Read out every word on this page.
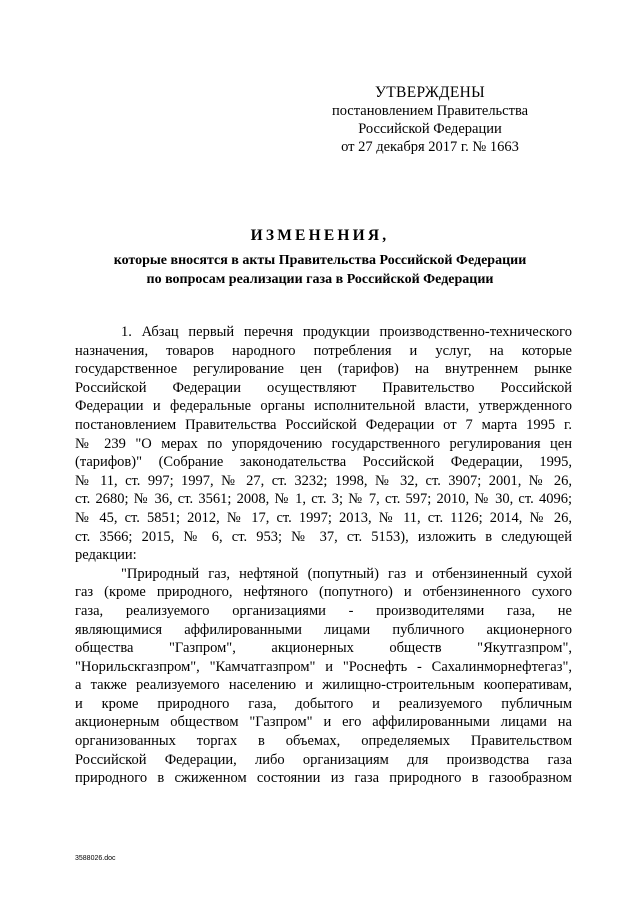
УТВЕРЖДЕНЫ
постановлением Правительства
Российской Федерации
от 27 декабря 2017 г. № 1663
ИЗМЕНЕНИЯ,
которые вносятся в акты Правительства Российской Федерации
по вопросам реализации газа в Российской Федерации
1. Абзац первый перечня продукции производственно-технического
назначения, товаров народного потребления и услуг, на которые
государственное регулирование цен (тарифов) на внутреннем рынке
Российской Федерации осуществляют Правительство Российской
Федерации и федеральные органы исполнительной власти, утвержденного
постановлением Правительства Российской Федерации от 7 марта 1995 г.
№ 239 "О мерах по упорядочению государственного регулирования цен
(тарифов)" (Собрание законодательства Российской Федерации, 1995,
№ 11, ст. 997; 1997, № 27, ст. 3232; 1998, № 32, ст. 3907; 2001, № 26,
ст. 2680; № 36, ст. 3561; 2008, № 1, ст. 3; № 7, ст. 597; 2010, № 30, ст. 4096;
№ 45, ст. 5851; 2012, № 17, ст. 1997; 2013, № 11, ст. 1126; 2014, № 26,
ст. 3566; 2015, № 6, ст. 953; № 37, ст. 5153), изложить в следующей
редакции:
"Природный газ, нефтяной (попутный) газ и отбензиненный сухой
газ (кроме природного, нефтяного (попутного) и отбензиненного сухого
газа, реализуемого организациями - производителями газа, не
являющимися аффилированными лицами публичного акционерного
общества "Газпром", акционерных обществ "Якутгазпром",
"Норильскгазпром", "Камчатгазпром" и "Роснефть - Сахалинморнефтегаз",
а также реализуемого населению и жилищно-строительным кооперативам,
и кроме природного газа, добытого и реализуемого публичным
акционерным обществом "Газпром" и его аффилированными лицами на
организованных торгах в объемах, определяемых Правительством
Российской Федерации, либо организациям для производства газа
природного в сжиженном состоянии из газа природного в газообразном
3588026.doc
